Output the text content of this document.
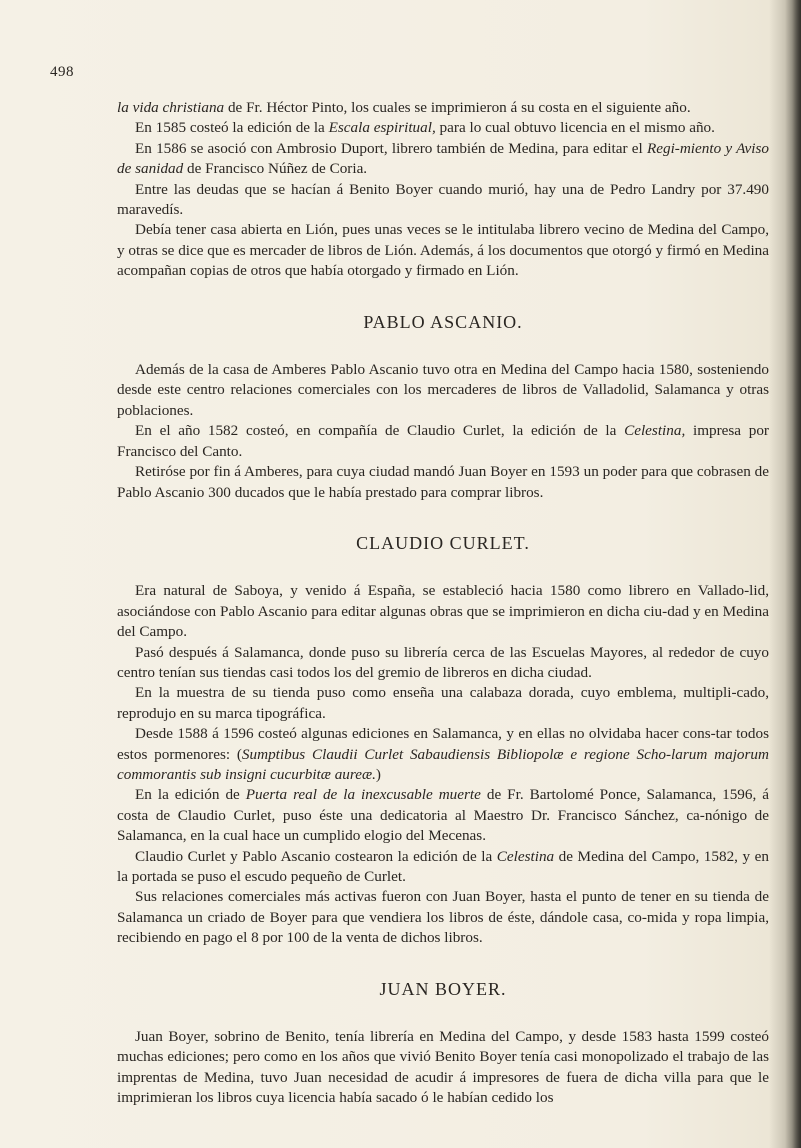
498

la vida christiana de Fr. Héctor Pinto, los cuales se imprimieron á su costa en el siguiente año.

En 1585 costeó la edición de la Escala espiritual, para lo cual obtuvo licencia en el mismo año.

En 1586 se asoció con Ambrosio Duport, librero también de Medina, para editar el Regi-miento y Aviso de sanidad de Francisco Núñez de Coria.

Entre las deudas que se hacían á Benito Boyer cuando murió, hay una de Pedro Landry por 37.490 maravedís.

Debía tener casa abierta en Lión, pues unas veces se le intitulaba librero vecino de Medina del Campo, y otras se dice que es mercader de libros de Lión. Además, á los documentos que otorgó y firmó en Medina acompañan copias de otros que había otorgado y firmado en Lión.

PABLO ASCANIO.

Además de la casa de Amberes Pablo Ascanio tuvo otra en Medina del Campo hacia 1580, sosteniendo desde este centro relaciones comerciales con los mercaderes de libros de Valladolid, Salamanca y otras poblaciones.

En el año 1582 costeó, en compañía de Claudio Curlet, la edición de la Celestina, impresa por Francisco del Canto.

Retiróse por fin á Amberes, para cuya ciudad mandó Juan Boyer en 1593 un poder para que cobrasen de Pablo Ascanio 300 ducados que le había prestado para comprar libros.

CLAUDIO CURLET.

Era natural de Saboya, y venido á España, se estableció hacia 1580 como librero en Vallado-lid, asociándose con Pablo Ascanio para editar algunas obras que se imprimieron en dicha ciu-dad y en Medina del Campo.

Pasó después á Salamanca, donde puso su librería cerca de las Escuelas Mayores, al rededor de cuyo centro tenían sus tiendas casi todos los del gremio de libreros en dicha ciudad.

En la muestra de su tienda puso como enseña una calabaza dorada, cuyo emblema, multipli-cado, reprodujo en su marca tipográfica.

Desde 1588 á 1596 costeó algunas ediciones en Salamanca, y en ellas no olvidaba hacer cons-tar todos estos pormenores: (Sumptibus Claudii Curlet Sabaudiensis Bibliopolæ e regione Scho-larum majorum commorantis sub insigni cucurbitæ aureæ.)

En la edición de Puerta real de la inexcusable muerte de Fr. Bartolomé Ponce, Salamanca, 1596, á costa de Claudio Curlet, puso éste una dedicatoria al Maestro Dr. Francisco Sánchez, ca-nónigo de Salamanca, en la cual hace un cumplido elogio del Mecenas.

Claudio Curlet y Pablo Ascanio costearon la edición de la Celestina de Medina del Campo, 1582, y en la portada se puso el escudo pequeño de Curlet.

Sus relaciones comerciales más activas fueron con Juan Boyer, hasta el punto de tener en su tienda de Salamanca un criado de Boyer para que vendiera los libros de éste, dándole casa, co-mida y ropa limpia, recibiendo en pago el 8 por 100 de la venta de dichos libros.

JUAN BOYER.

Juan Boyer, sobrino de Benito, tenía librería en Medina del Campo, y desde 1583 hasta 1599 costeó muchas ediciones; pero como en los años que vivió Benito Boyer tenía casi monopolizado el trabajo de las imprentas de Medina, tuvo Juan necesidad de acudir á impresores de fuera de dicha villa para que le imprimieran los libros cuya licencia había sacado ó le habían cedido los
